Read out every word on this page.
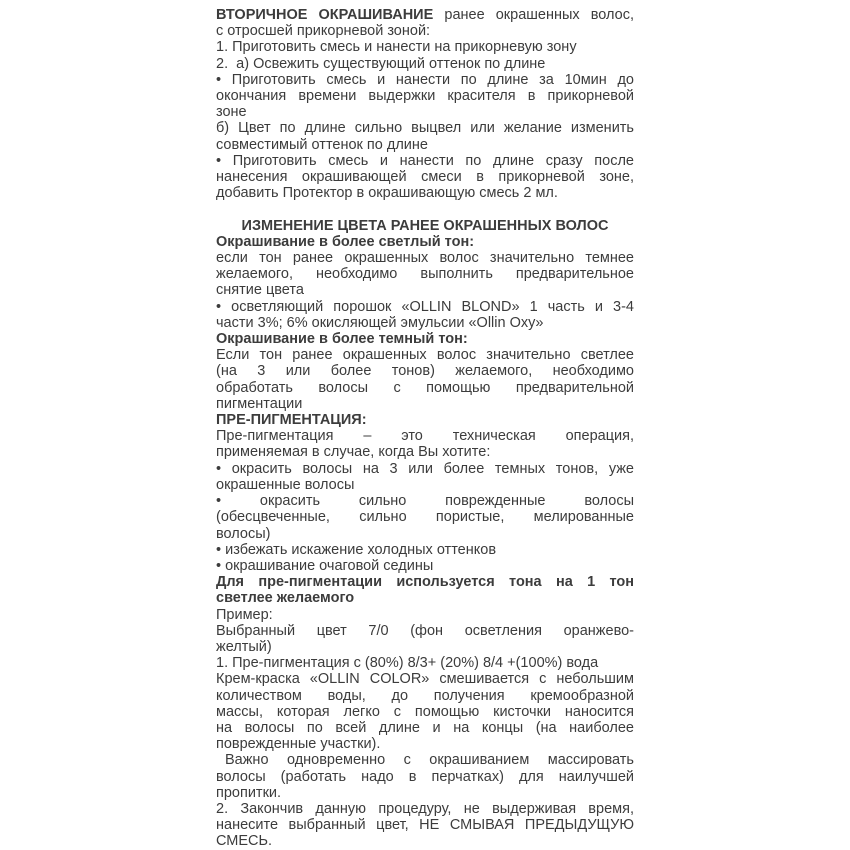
ВТОРИЧНОЕ ОКРАШИВАНИЕ ранее окрашенных волос,
с отросшей прикорневой зоной:
1. Приготовить смесь и нанести на прикорневую зону
2.  а) Освежить существующий оттенок по длине
• Приготовить смесь и нанести по длине за 10мин до
окончания времени выдержки красителя в прикорневой
зоне
б) Цвет по длине сильно выцвел или желание изменить
совместимый оттенок по длине
• Приготовить смесь и нанести по длине сразу после
нанесения окрашивающей смеси в прикорневой зоне,
добавить Протектор в окрашивающую смесь 2 мл.

ИЗМЕНЕНИЕ ЦВЕТА РАНЕЕ ОКРАШЕННЫХ ВОЛОС
Окрашивание в более светлый тон:
если тон ранее окрашенных волос значительно темнее
желаемого, необходимо выполнить предварительное
снятие цвета
• осветляющий порошок «OLLIN BLOND» 1 часть и 3-4
части 3%; 6% окисляющей эмульсии «Ollin Oxy»
Окрашивание в более темный тон:
Если тон ранее окрашенных волос значительно светлее
(на 3 или более тонов) желаемого, необходимо
обработать волосы с помощью предварительной
пигментации
ПРЕ-ПИГМЕНТАЦИЯ:
Пре-пигментация – это техническая операция,
применяемая в случае, когда Вы хотите:
• окрасить волосы на 3 или более темных тонов, уже
окрашенные волосы
• окрасить сильно поврежденные волосы
(обесцвеченные, сильно пористые, мелированные
волосы)
• избежать искажение холодных оттенков
• окрашивание очаговой седины
Для пре-пигментации используется тона на 1 тон
светлее желаемого
Пример:
Выбранный цвет 7/0 (фон осветления оранжево-
желтый)
1. Пре-пигментация с (80%) 8/3+ (20%) 8/4 +(100%) вода
Крем-краска «OLLIN COLOR» смешивается с небольшим
количеством воды, до получения кремообразной
массы, которая легко с помощью кисточки наносится
на волосы по всей длине и на концы (на наиболее
поврежденные участки).
Важно одновременно с окрашиванием массировать
волосы (работать надо в перчатках) для наилучшей
пропитки.
2. Закончив данную процедуру, не выдерживая время,
нанесите выбранный цвет, НЕ СМЫВАЯ ПРЕДЫДУЩУЮ
СМЕСЬ.
